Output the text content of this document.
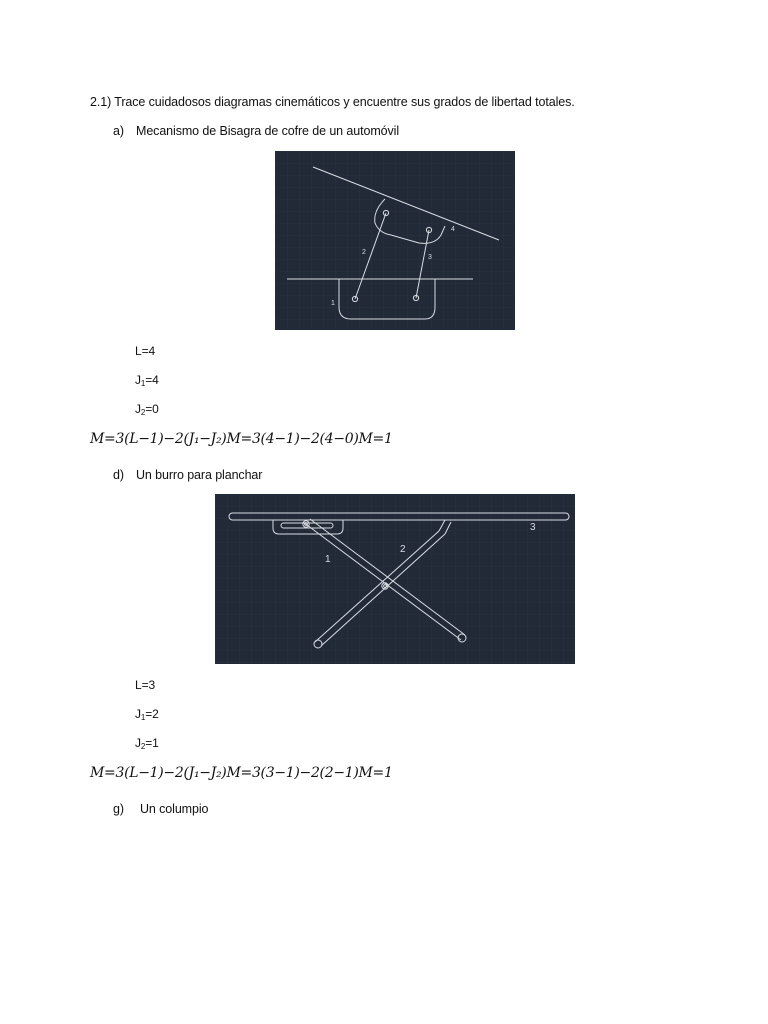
2.1) Trace cuidadosos diagramas cinemáticos y encuentre sus grados de libertad totales.
a) Mecanismo de Bisagra de cofre de un automóvil
1
2
3
4
L=4
$J_1=4$
$J_2=0$
M=3(L−1)−2(J₁−J₂)M=3(4−1)−2(4−0)M=1
d) Un burro para planchar
1
2
3
L=3
$J_1=2$
$J_2=1$
M=3(L−1)−2(J₁−J₂)M=3(3−1)−2(2−1)M=1
g) Un columpio
